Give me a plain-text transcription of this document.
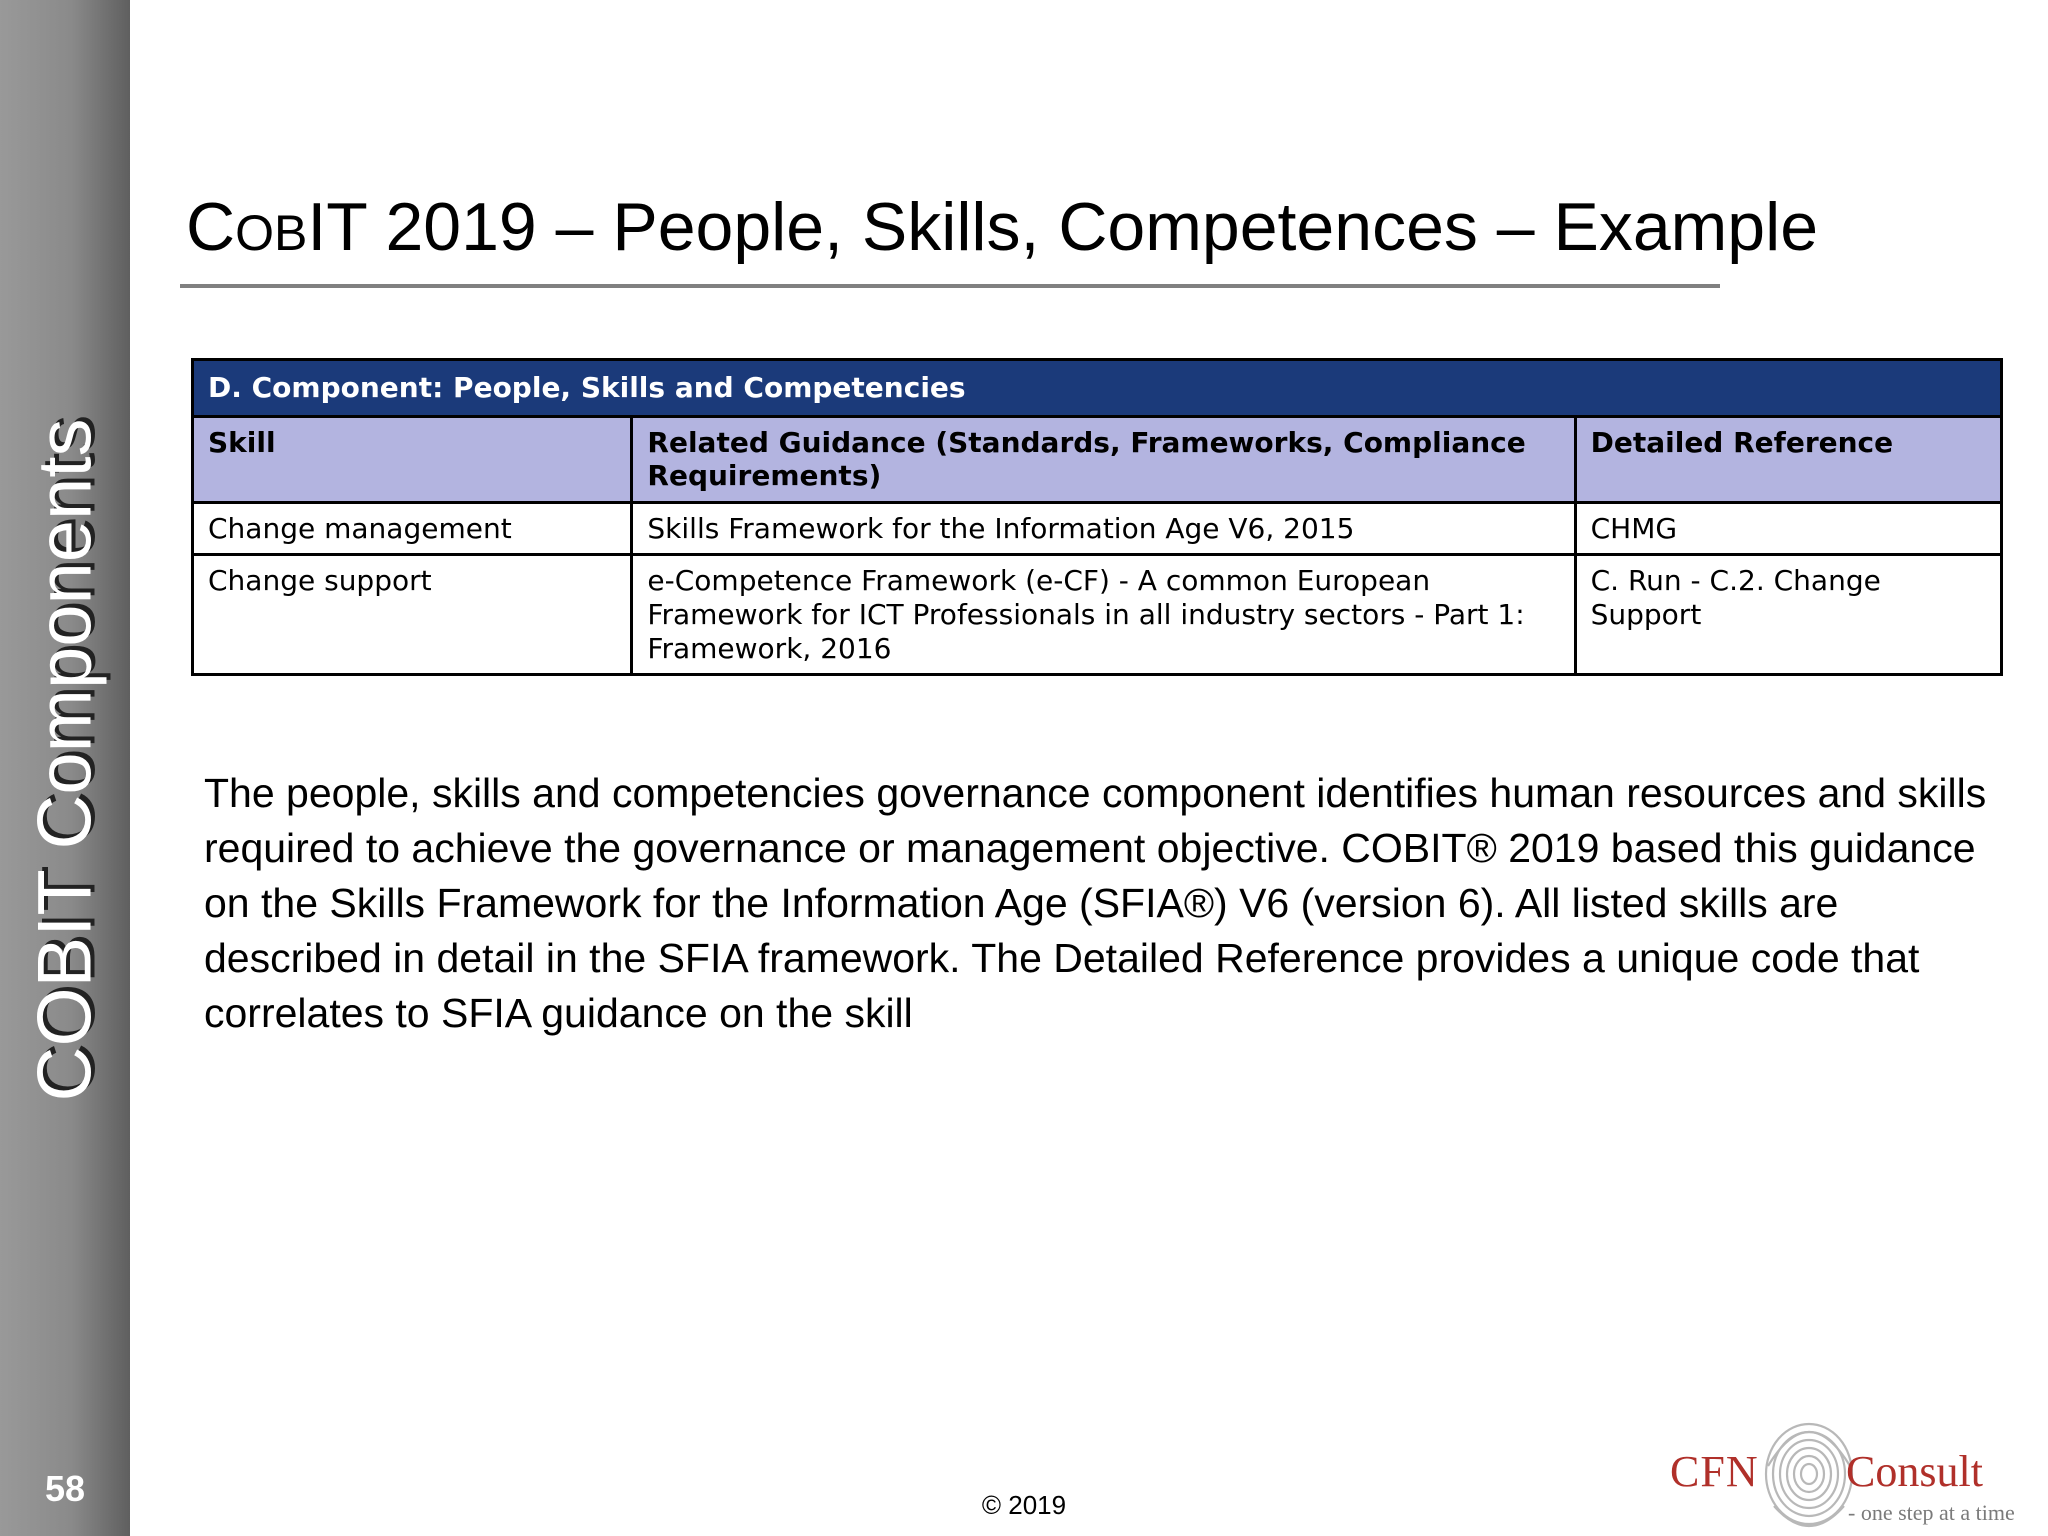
COBIT Components
58
COBIT 2019 – People, Skills, Competences – Example
D. Component: People, Skills and Competencies		
Skill	Related Guidance (Standards, Frameworks, Compliance Requirements)	Detailed Reference
Change management	Skills Framework for the Information Age V6, 2015	CHMG
Change support	e-Competence Framework (e-CF) - A common European Framework for ICT Professionals in all industry sectors - Part 1: Framework, 2016	C. Run - C.2. Change Support
The people, skills and competencies governance component identifies human resources and skills required to achieve the governance or management objective. COBIT® 2019 based this guidance on the Skills Framework for the Information Age (SFIA®) V6 (version 6). All listed skills are described in detail in the SFIA framework. The Detailed Reference provides a unique code that correlates to SFIA guidance on the skill
© 2019
CFN Consult
- one step at a time
